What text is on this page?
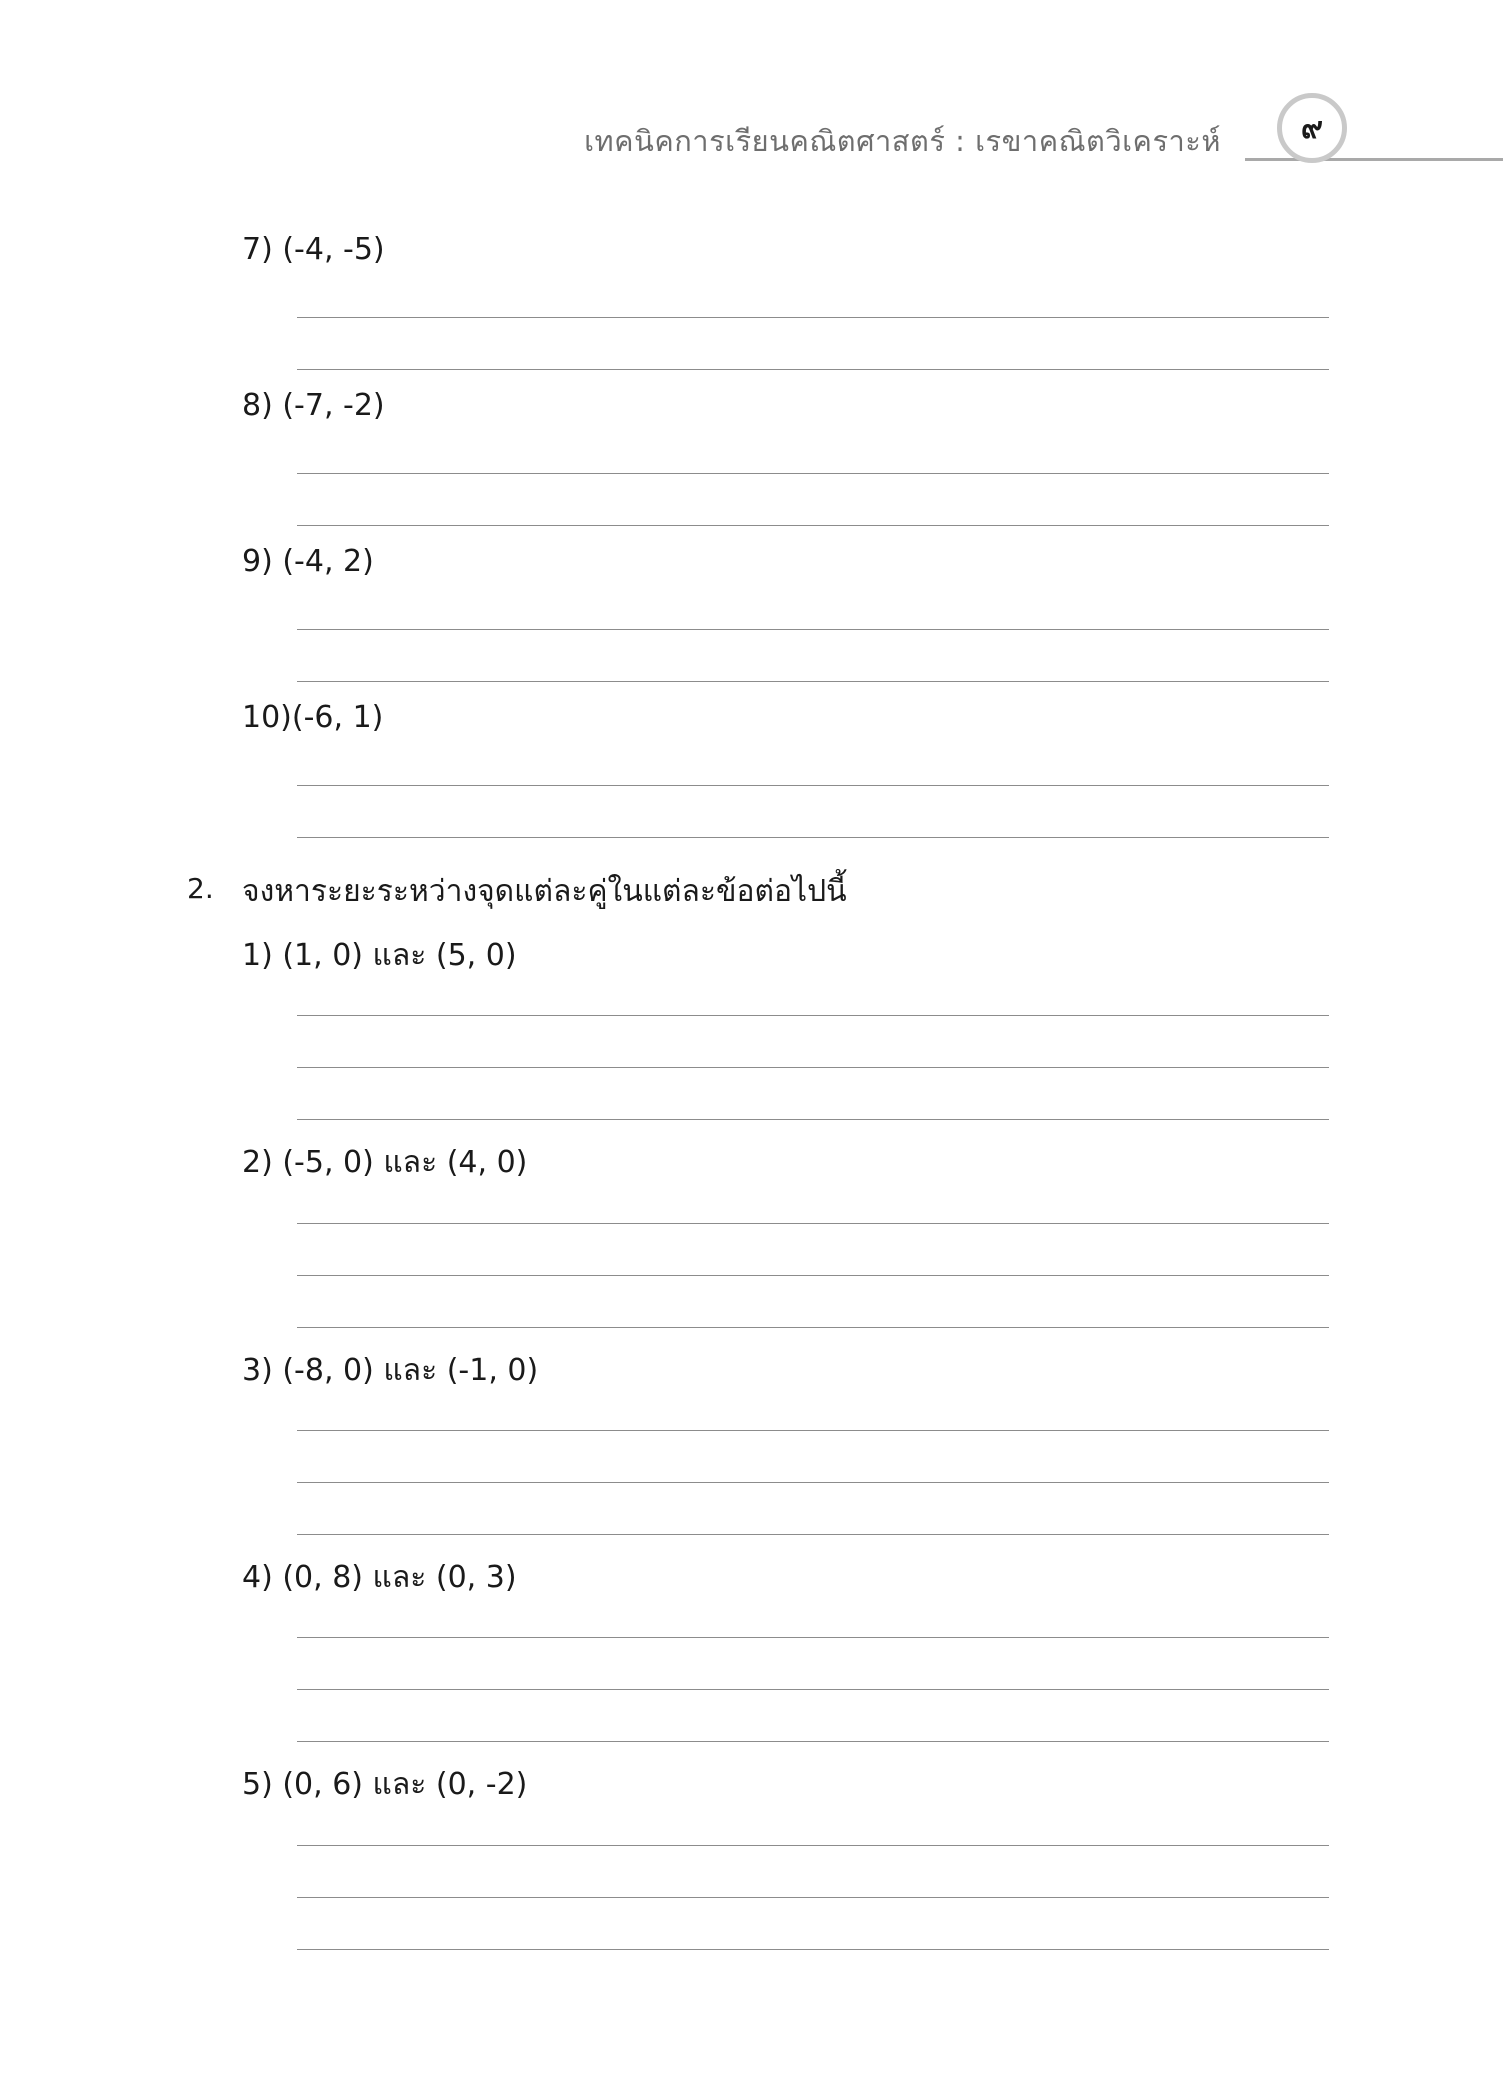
เทคนิคการเรียนคณิตศาสตร์ : เรขาคณิตวิเคราะห์	๙
7) (-4, -5)
8) (-7, -2)
9) (-4, 2)
10)(-6, 1)
2. จงหาระยะระหว่างจุดแต่ละคู่ในแต่ละข้อต่อไปนี้
1) (1, 0) และ (5, 0)
2) (-5, 0) และ (4, 0)
3) (-8, 0) และ (-1, 0)
4) (0, 8) และ (0, 3)
5) (0, 6) และ (0, -2)
